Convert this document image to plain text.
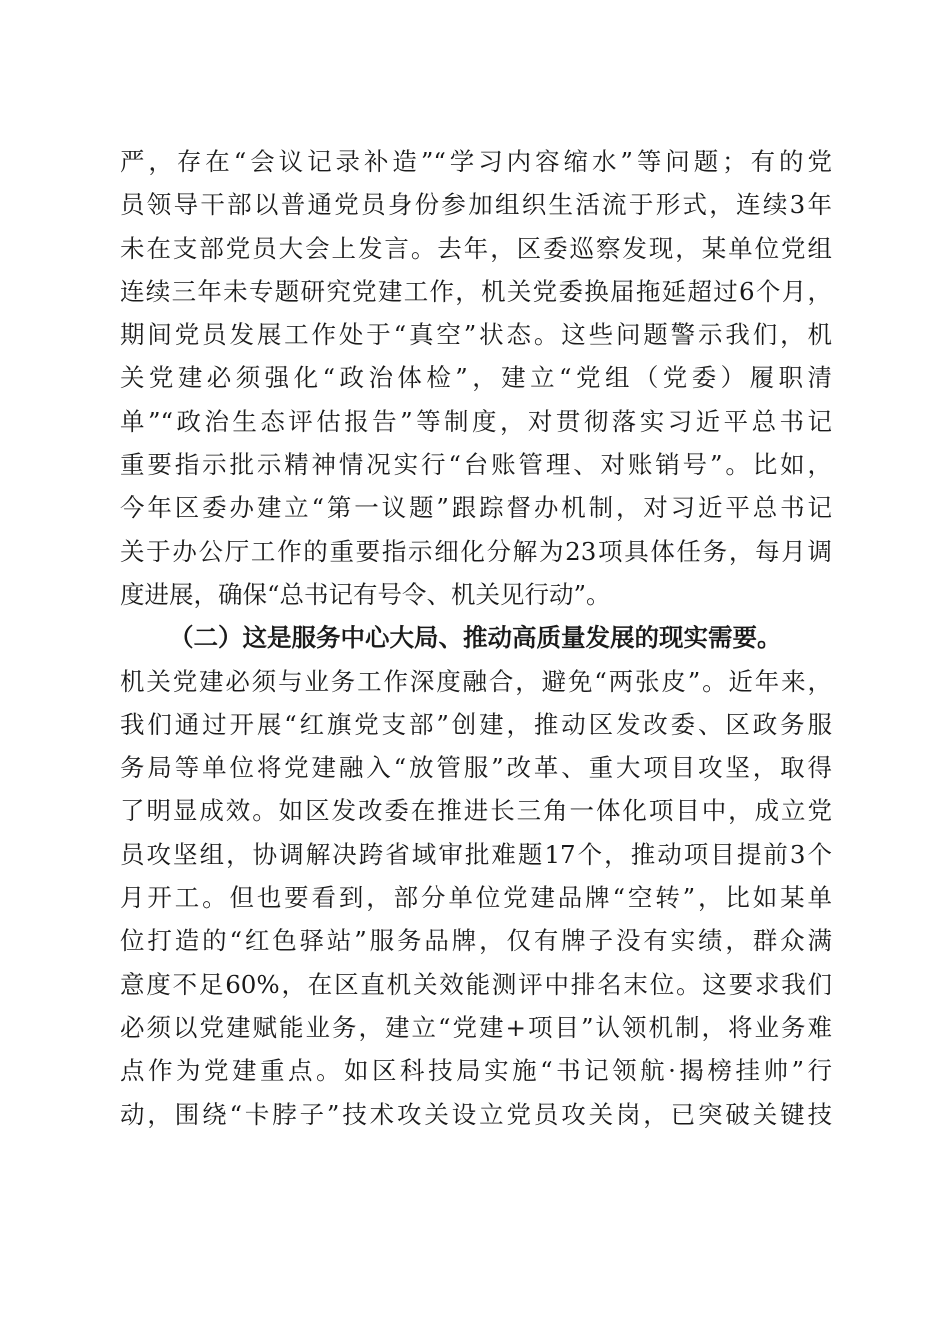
严，存在“会议记录补造”“学习内容缩水”等问题；有的党
员领导干部以普通党员身份参加组织生活流于形式，连续3年
未在支部党员大会上发言。去年，区委巡察发现，某单位党组
连续三年未专题研究党建工作，机关党委换届拖延超过6个月，
期间党员发展工作处于“真空”状态。这些问题警示我们，机
关党建必须强化“政治体检”，建立“党组（党委）履职清
单”“政治生态评估报告”等制度，对贯彻落实习近平总书记
重要指示批示精神情况实行“台账管理、对账销号”。比如，
今年区委办建立“第一议题”跟踪督办机制，对习近平总书记
关于办公厅工作的重要指示细化分解为23项具体任务，每月调
度进展，确保“总书记有号令、机关见行动”。
（二）这是服务中心大局、推动高质量发展的现实需要。
机关党建必须与业务工作深度融合，避免“两张皮”。近年来，
我们通过开展“红旗党支部”创建，推动区发改委、区政务服
务局等单位将党建融入“放管服”改革、重大项目攻坚，取得
了明显成效。如区发改委在推进长三角一体化项目中，成立党
员攻坚组，协调解决跨省域审批难题17个，推动项目提前3个
月开工。但也要看到，部分单位党建品牌“空转”，比如某单
位打造的“红色驿站”服务品牌，仅有牌子没有实绩，群众满
意度不足60%，在区直机关效能测评中排名末位。这要求我们
必须以党建赋能业务，建立“党建+项目”认领机制，将业务难
点作为党建重点。如区科技局实施“书记领航·揭榜挂帅”行
动，围绕“卡脖子”技术攻关设立党员攻关岗，已突破关键技
